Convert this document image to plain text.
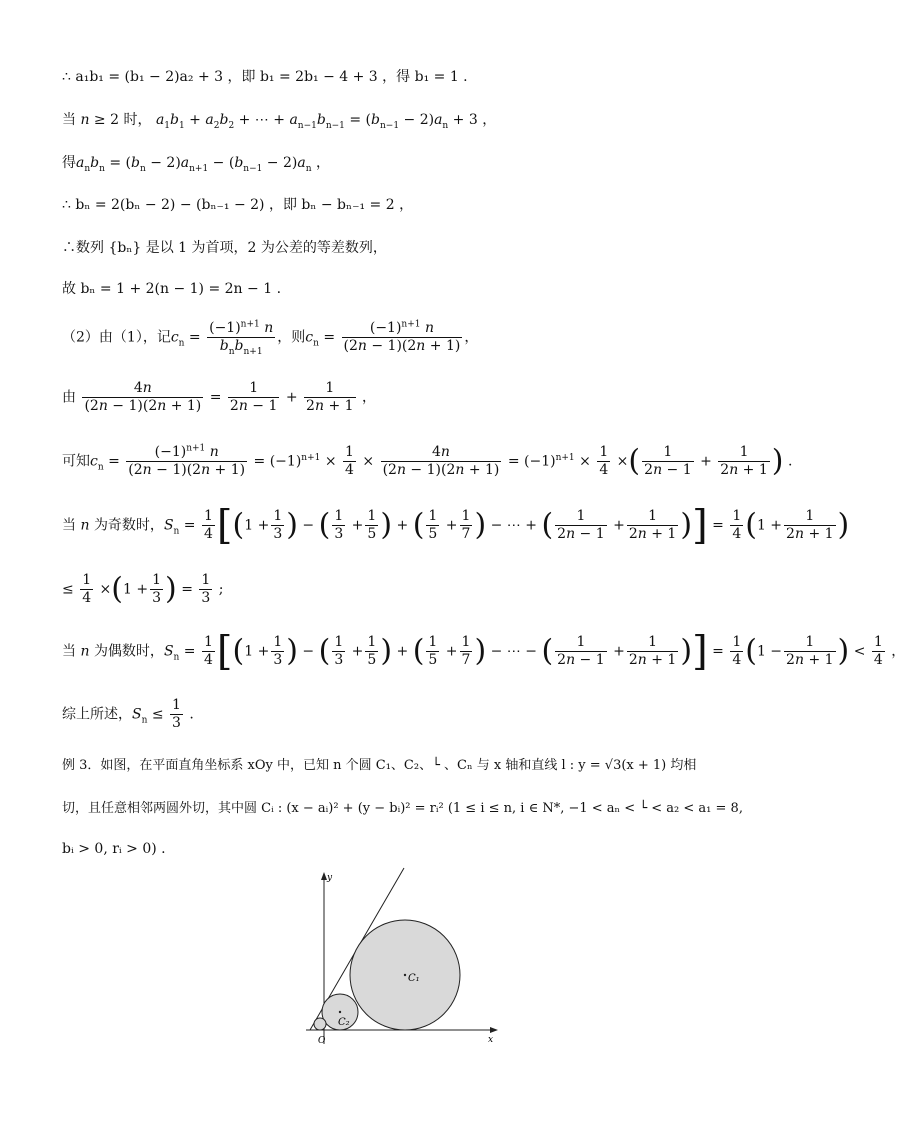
∴ a₁b₁ = (b₁ − 2)a₂ + 3 ，即 b₁ = 2b₁ − 4 + 3 ，得 b₁ = 1 .
当 n ≥ 2 时， $a_1b_1 + a_2b_2$ + ⋯ + $a_{n-1}b_{n-1} = (b_{n-1} - 2)a_n + 3$ ，
得$a_nb_n = (b_n - 2)a_{n+1} - (b_{n-1} - 2)a_n$ ，
∴ bₙ = 2(bₙ − 2) − (bₙ₋₁ − 2) ，即 bₙ − bₙ₋₁ = 2 ，
∴数列 {bₙ} 是以 1 为首项，2 为公差的等差数列，
故 bₙ = 1 + 2(n − 1) = 2n − 1 .
（2）由（1），记$c_n = \frac{(-1)^{n+1} n}{b_nb_{n+1}}$ ，则$c_n = \frac{(-1)^{n+1} n}{(2n - 1)(2n + 1)}$ ，
由 $\frac{4n}{(2n - 1)(2n + 1)} = \frac{1}{2n - 1} + \frac{1}{2n + 1}$ ，
可知$c_n = \frac{(-1)^{n+1} n}{(2n - 1)(2n + 1)} = (-1)^{n+1} \times \frac{1}{4} \times \frac{4n}{(2n - 1)(2n + 1)} = (-1)^{n+1} \times \frac{1}{4}$ ×( $\frac{1}{2n - 1} + \frac{1}{2n + 1}$ ) .
当 n 为奇数时，$S_n = \frac{1}{4} [(1 + \frac{1}{3}$ ) − ( $\frac{1}{3} + \frac{1}{5}$ ) + ( $\frac{1}{5} + \frac{1}{7}$ ) − ⋯ + ( $\frac{1}{2n - 1} + \frac{1}{2n + 1}$ )] = $\frac{1}{4} (1 + \frac{1}{2n + 1}$ )
≤ $\frac{1}{4} \times(1 + \frac{1}{3}$ ) = $\frac{1}{3}$ ;
当 n 为偶数时，$S_n = \frac{1}{4} [(1 + \frac{1}{3}$ ) − ( $\frac{1}{3} + \frac{1}{5}$ ) + ( $\frac{1}{5} + \frac{1}{7}$ ) − ⋯ − ( $\frac{1}{2n - 1} + \frac{1}{2n + 1}$ )] = $\frac{1}{4} (1 - \frac{1}{2n + 1}$ ) < $\frac{1}{4}$ ，
综上所述，$S_n \le \frac{1}{3}$ .
例 3．如图，在平面直角坐标系 xOy 中，已知 n 个圆 C₁、C₂、└ 、Cₙ 与 x 轴和直线 l : y = √3(x + 1) 均相
切，且任意相邻两圆外切，其中圆 Cᵢ : (x − aᵢ)² + (y − bᵢ)² = rᵢ² (1 ≤ i ≤ n, i ∈ N*, −1 < aₙ < └ < a₂ < a₁ = 8,
bᵢ > 0, rᵢ > 0) .
y
x
C₁
C₂
O
